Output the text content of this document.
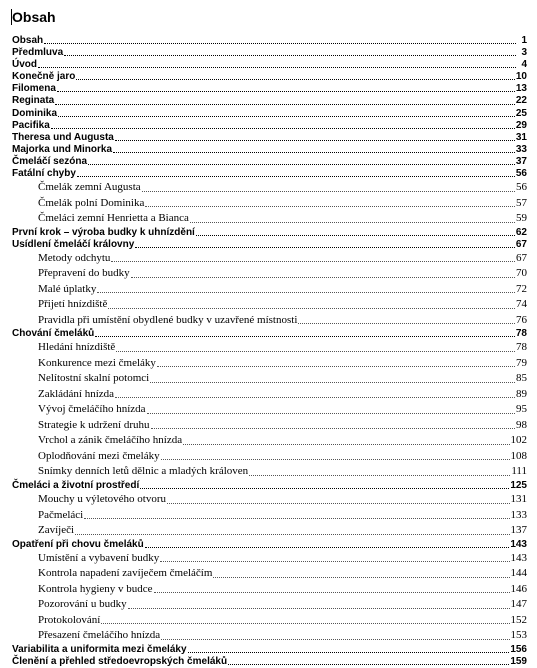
Obsah
Obsah	1
Předmluva	3
Úvod	4
Konečně jaro	10
Filomena	13
Reginata	22
Dominika	25
Pacifika	29
Theresa und Augusta	31
Majorka und Minorka	33
Čmeláčí sezóna	37
Fatální chyby	56
Čmelák zemní Augusta	56
Čmelák polní Dominika	57
Čmeláci zemní Henrietta a Bianca	59
První krok – výroba budky k uhnízdění	62
Usídlení čmeláčí královny	67
Metody odchytu	67
Přepravení do budky	70
Malé úplatky	72
Přijetí hnízdiště	74
Pravidla při umístění obydlené budky v uzavřené místnosti	76
Chování čmeláků	78
Hledání hnízdiště	78
Konkurence mezi čmeláky	79
Nelítostní skalní potomci	85
Zakládání hnízda	89
Vývoj čmeláčího hnízda	95
Strategie k udržení druhu	98
Vrchol a zánik čmeláčího hnízda	102
Oplodňování mezi čmeláky	108
Snímky denních letů dělnic a mladých královen	111
Čmeláci a životní prostředí	125
Mouchy u výletového otvoru	131
Pačmeláci	133
Zavíječi	137
Opatření při chovu čmeláků	143
Umístění a vybavení budky	143
Kontrola napadení zavíječem čmeláčím	144
Kontrola hygieny v budce	146
Pozorování u budky	147
Protokolování	152
Přesazení čmeláčího hnízda	153
Variabilita a uniformita mezi čmeláky	156
Členění a přehled středoevropských čmeláků	159
